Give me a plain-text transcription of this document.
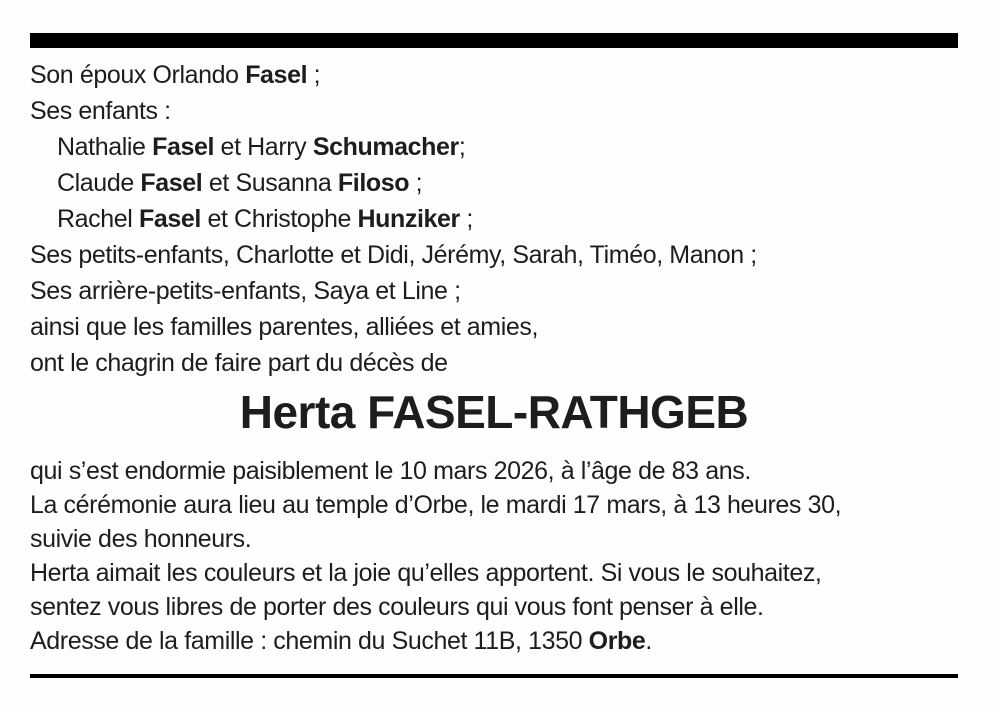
Son époux Orlando Fasel ;
Ses enfants :
Nathalie Fasel et Harry Schumacher;
Claude Fasel et Susanna Filoso ;
Rachel Fasel et Christophe Hunziker ;
Ses petits-enfants, Charlotte et Didi, Jérémy, Sarah, Timéo, Manon ;
Ses arrière-petits-enfants, Saya et Line ;
ainsi que les familles parentes, alliées et amies,
ont le chagrin de faire part du décès de
Herta FASEL-RATHGEB
qui s’est endormie paisiblement le 10 mars 2026, à l’âge de 83 ans.
La cérémonie aura lieu au temple d’Orbe, le mardi 17 mars, à 13 heures 30,
suivie des honneurs.
Herta aimait les couleurs et la joie qu’elles apportent. Si vous le souhaitez,
sentez vous libres de porter des couleurs qui vous font penser à elle.
Adresse de la famille : chemin du Suchet 11B, 1350 Orbe.
